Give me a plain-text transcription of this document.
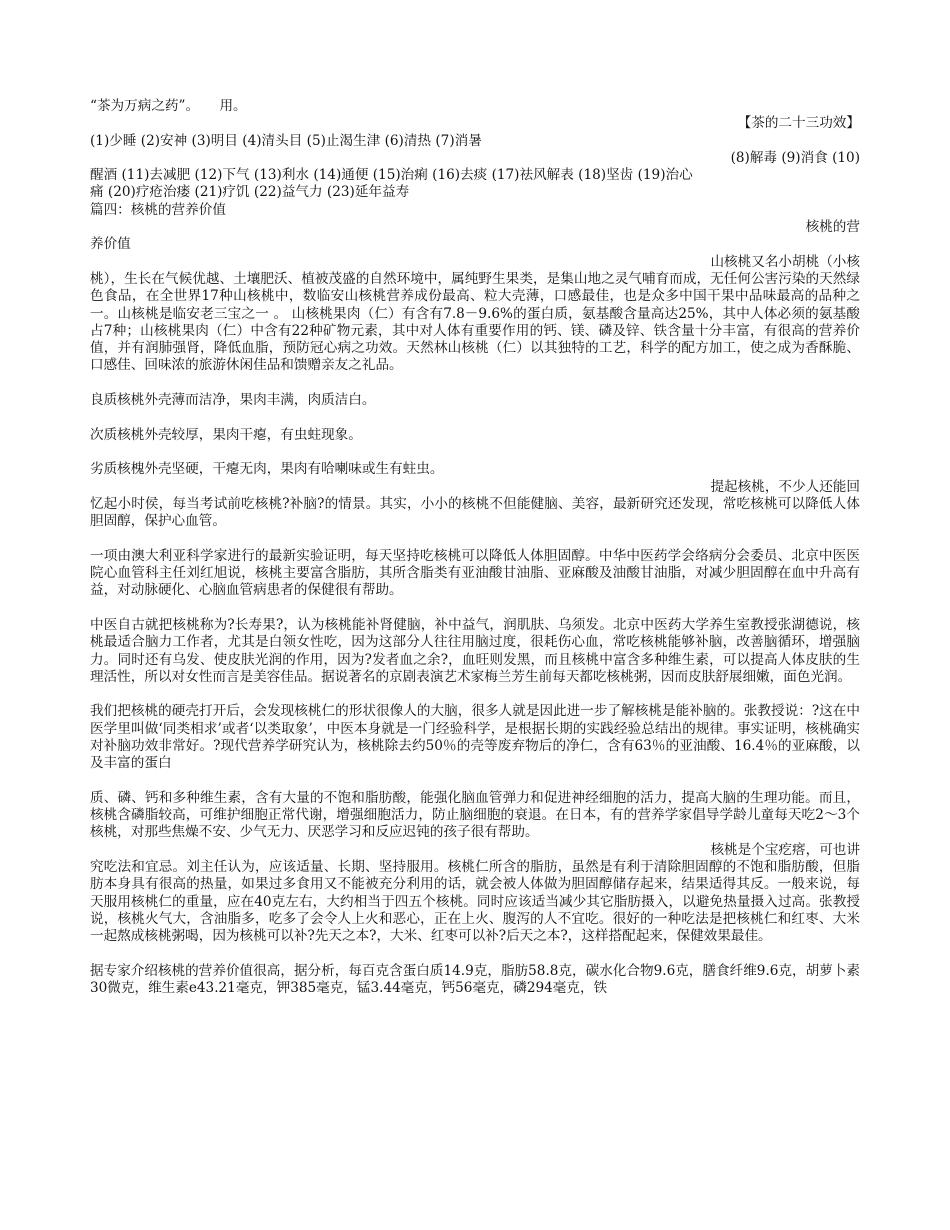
“茶为万病之药”。　　用。
【茶的二十三功效】
(1)少睡 (2)安神 (3)明目 (4)清头目 (5)止渴生津 (6)清热 (7)消暑
(8)解毒 (9)消食 (10)
醒酒 (11)去减肥 (12)下气 (13)利水 (14)通便 (15)治痢 (16)去痰 (17)祛风解表 (18)坚齿 (19)治心
痛 (20)疗疮治瘘 (21)疗饥 (22)益气力 (23)延年益寿
篇四：核桃的营养价值
核桃的营
养价值
山核桃又名小胡桃（小核
桃），生长在气候优越、土壤肥沃、植被茂盛的自然环境中，属纯野生果类，是集山地之灵气哺育而成，无任何公害污染的天然绿色食品，在全世界17种山核桃中，数临安山核桃营养成份最高、粒大壳薄，口感最佳，也是众多中国干果中品味最高的品种之一。山核桃是临安老三宝之一 。 山核桃果肉（仁）有含有7.8－9.6%的蛋白质，氨基酸含量高达25%，其中人体必须的氨基酸占7种；山核桃果肉（仁）中含有22种矿物元素，其中对人体有重要作用的钙、镁、磷及锌、铁含量十分丰富，有很高的营养价值，并有润肺强肾，降低血脂，预防冠心病之功效。天然林山核桃（仁）以其独特的工艺，科学的配方加工，使之成为香酥脆、口感佳、回味浓的旅游休闲佳品和馈赠亲友之礼品。
良质核桃外壳薄而洁净，果肉丰满，肉质洁白。
次质核桃外壳较厚，果肉干瘪，有虫蛀现象。
劣质核槐外壳坚硬，干瘪无肉，果肉有哈喇味或生有蛀虫。
提起核桃，不少人还能回
忆起小时侯，每当考试前吃核桃?补脑?的情景。其实，小小的核桃不但能健脑、美容，最新研究还发现，常吃核桃可以降低人体胆固醇，保护心血管。
一项由澳大利亚科学家进行的最新实验证明，每天坚持吃核桃可以降低人体胆固醇。中华中医药学会络病分会委员、北京中医医院心血管科主任刘红旭说，核桃主要富含脂肪，其所含脂类有亚油酸甘油脂、亚麻酸及油酸甘油脂，对减少胆固醇在血中升高有益，对动脉硬化、心脑血管病患者的保健很有帮助。
中医自古就把核桃称为?长寿果?，认为核桃能补肾健脑，补中益气，润肌肤、乌须发。北京中医药大学养生室教授张湖德说，核桃最适合脑力工作者，尤其是白领女性吃，因为这部分人往往用脑过度，很耗伤心血，常吃核桃能够补脑，改善脑循环，增强脑力。同时还有乌发、使皮肤光润的作用，因为?发者血之余?，血旺则发黑，而且核桃中富含多种维生素，可以提高人体皮肤的生理活性，所以对女性而言是美容佳品。据说著名的京剧表演艺术家梅兰芳生前每天都吃核桃粥，因而皮肤舒展细嫩，面色光润。
我们把核桃的硬壳打开后，会发现核桃仁的形状很像人的大脑，很多人就是因此进一步了解核桃是能补脑的。张教授说：?这在中医学里叫做‘同类相求’或者‘以类取象’，中医本身就是一门经验科学，是根据长期的实践经验总结出的规律。事实证明，核桃确实对补脑功效非常好。?现代营养学研究认为，核桃除去约50％的壳等废弃物后的净仁，含有63％的亚油酸、16.4％的亚麻酸，以及丰富的蛋白
质、磷、钙和多种维生素，含有大量的不饱和脂肪酸，能强化脑血管弹力和促进神经细胞的活力，提高大脑的生理功能。而且，核桃含磷脂较高，可维护细胞正常代谢，增强细胞活力，防止脑细胞的衰退。在日本，有的营养学家倡导学龄儿童每天吃2～3个核桃，对那些焦燥不安、少气无力、厌恶学习和反应迟钝的孩子很有帮助。
核桃是个宝疙瘩，可也讲
究吃法和宜忌。刘主任认为，应该适量、长期、坚持服用。核桃仁所含的脂肪，虽然是有利于清除胆固醇的不饱和脂肪酸，但脂肪本身具有很高的热量，如果过多食用又不能被充分利用的话，就会被人体做为胆固醇储存起来，结果适得其反。一般来说，每天服用核桃仁的重量，应在40克左右，大约相当于四五个核桃。同时应该适当减少其它脂肪摄入，以避免热量摄入过高。张教授说，核桃火气大，含油脂多，吃多了会令人上火和恶心，正在上火、腹泻的人不宜吃。很好的一种吃法是把核桃仁和红枣、大米一起熬成核桃粥喝，因为核桃可以补?先天之本?，大米、红枣可以补?后天之本?，这样搭配起来，保健效果最佳。
据专家介绍核桃的营养价值很高，据分析，每百克含蛋白质14.9克，脂肪58.8克，碳水化合物9.6克，膳食纤维9.6克，胡萝卜素30微克，维生素e43.21毫克，钾385毫克，锰3.44毫克，钙56毫克，磷294毫克，铁
